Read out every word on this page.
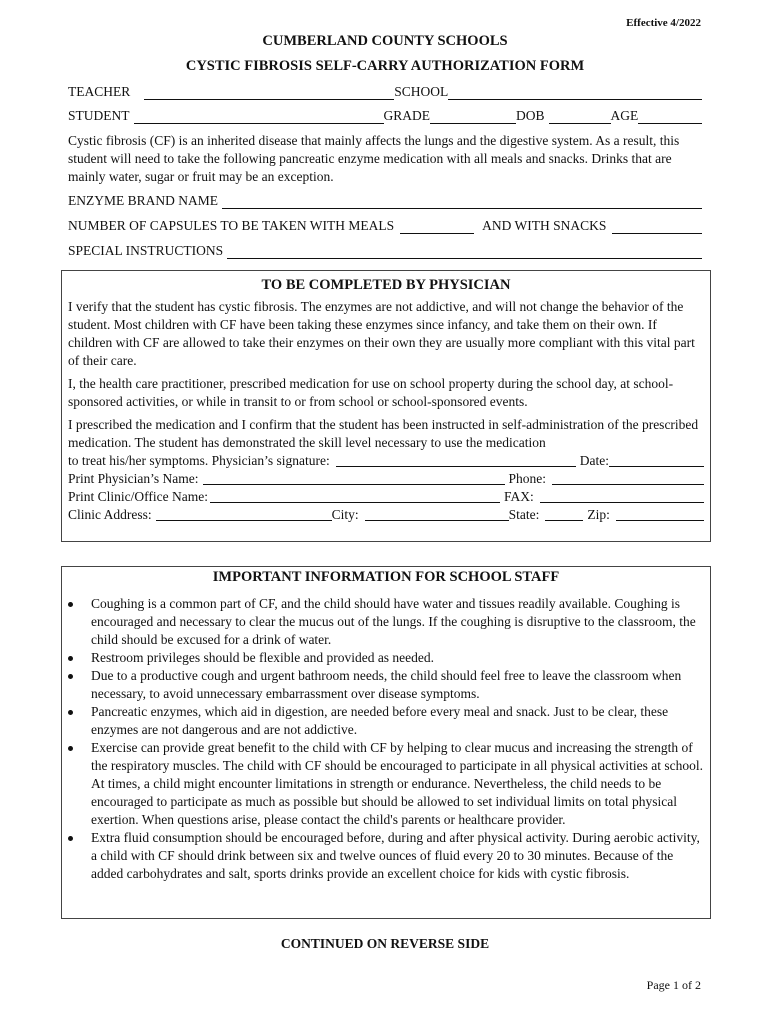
Effective 4/2022
CUMBERLAND COUNTY SCHOOLS
CYSTIC FIBROSIS SELF-CARRY AUTHORIZATION FORM
TEACHER	SCHOOL
STUDENT	GRADE	DOB	AGE
Cystic fibrosis (CF) is an inherited disease that mainly affects the lungs and the digestive system. As a result, this student will need to take the following pancreatic enzyme medication with all meals and snacks. Drinks that are mainly water, sugar or fruit may be an exception.
ENZYME BRAND NAME
NUMBER OF CAPSULES TO BE TAKEN WITH MEALS	AND WITH SNACKS
SPECIAL INSTRUCTIONS
TO BE COMPLETED BY PHYSICIAN
I verify that the student has cystic fibrosis. The enzymes are not addictive, and will not change the behavior of the student. Most children with CF have been taking these enzymes since infancy, and take them on their own. If children with CF are allowed to take their enzymes on their own they are usually more compliant with this vital part of their care.
I, the health care practitioner, prescribed medication for use on school property during the school day, at school-sponsored activities, or while in transit to or from school or school-sponsored events.
I prescribed the medication and I confirm that the student has been instructed in self-administration of the prescribed medication. The student has demonstrated the skill level necessary to use the medication
to treat his/her symptoms. Physician’s signature:	Date:
Print Physician’s Name:	Phone:
Print Clinic/Office Name:	FAX:
Clinic Address:	City:	State:	Zip:
IMPORTANT INFORMATION FOR SCHOOL STAFF
Coughing is a common part of CF, and the child should have water and tissues readily available. Coughing is encouraged and necessary to clear the mucus out of the lungs. If the coughing is disruptive to the classroom, the child should be excused for a drink of water.
Restroom privileges should be flexible and provided as needed.
Due to a productive cough and urgent bathroom needs, the child should feel free to leave the classroom when necessary, to avoid unnecessary embarrassment over disease symptoms.
Pancreatic enzymes, which aid in digestion, are needed before every meal and snack. Just to be clear, these enzymes are not dangerous and are not addictive.
Exercise can provide great benefit to the child with CF by helping to clear mucus and increasing the strength of the respiratory muscles. The child with CF should be encouraged to participate in all physical activities at school. At times, a child might encounter limitations in strength or endurance. Nevertheless, the child needs to be encouraged to participate as much as possible but should be allowed to set individual limits on total physical exertion. When questions arise, please contact the child's parents or healthcare provider.
Extra fluid consumption should be encouraged before, during and after physical activity. During aerobic activity, a child with CF should drink between six and twelve ounces of fluid every 20 to 30 minutes. Because of the added carbohydrates and salt, sports drinks provide an excellent choice for kids with cystic fibrosis.
CONTINUED ON REVERSE SIDE
Page 1 of 2
